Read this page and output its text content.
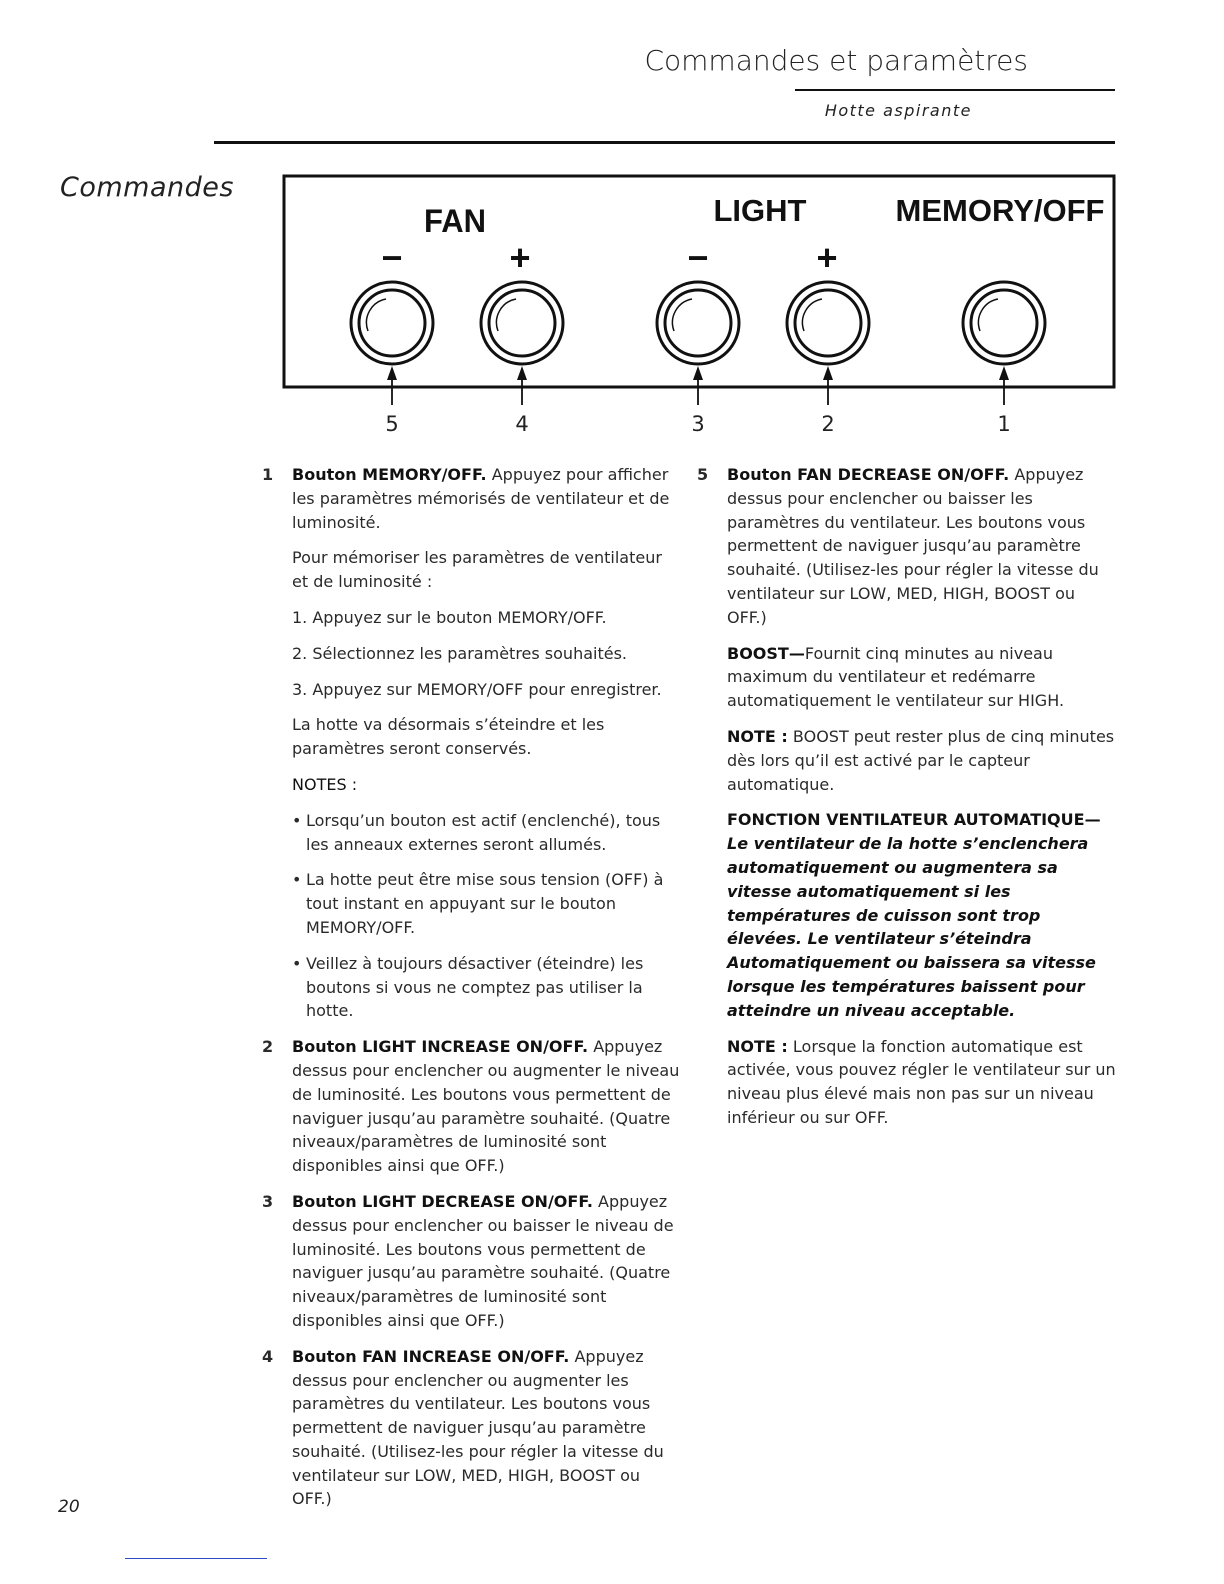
Commandes et paramètres
Hotte aspirante
Commandes
FAN	LIGHT	MEMORY/OFF
−	+	−	+
5	4	3	2	1
1 Bouton MEMORY/OFF. Appuyez pour afficher les paramètres mémorisés de ventilateur et de luminosité.

Pour mémoriser les paramètres de ventilateur et de luminosité :

1. Appuyez sur le bouton MEMORY/OFF.

2. Sélectionnez les paramètres souhaités.

3. Appuyez sur MEMORY/OFF pour enregistrer.

La hotte va désormais s’éteindre et les paramètres seront conservés.

NOTES :

• Lorsqu’un bouton est actif (enclenché), tous les anneaux externes seront allumés.
• La hotte peut être mise sous tension (OFF) à tout instant en appuyant sur le bouton MEMORY/OFF.
• Veillez à toujours désactiver (éteindre) les boutons si vous ne comptez pas utiliser la hotte.
2 Bouton LIGHT INCREASE ON/OFF. Appuyez dessus pour enclencher ou augmenter le niveau de luminosité. Les boutons vous permettent de naviguer jusqu’au paramètre souhaité. (Quatre niveaux/paramètres de luminosité sont disponibles ainsi que OFF.)

3 Bouton LIGHT DECREASE ON/OFF. Appuyez dessus pour enclencher ou baisser le niveau de luminosité. Les boutons vous permettent de naviguer jusqu’au paramètre souhaité. (Quatre niveaux/paramètres de luminosité sont disponibles ainsi que OFF.)

4 Bouton FAN INCREASE ON/OFF. Appuyez dessus pour enclencher ou augmenter les paramètres du ventilateur. Les boutons vous permettent de naviguer jusqu’au paramètre souhaité. (Utilisez-les pour régler la vitesse du ventilateur sur LOW, MED, HIGH, BOOST ou OFF.)

5 Bouton FAN DECREASE ON/OFF. Appuyez dessus pour enclencher ou baisser les paramètres du ventilateur. Les boutons vous permettent de naviguer jusqu’au paramètre souhaité. (Utilisez-les pour régler la vitesse du ventilateur sur LOW, MED, HIGH, BOOST ou OFF.)

BOOST—Fournit cinq minutes au niveau maximum du ventilateur et redémarre automatiquement le ventilateur sur HIGH.

NOTE : BOOST peut rester plus de cinq minutes dès lors qu’il est activé par le capteur automatique.

FONCTION VENTILATEUR AUTOMATIQUE—
Le ventilateur de la hotte s’enclenchera automatiquement ou augmentera sa vitesse automatiquement si les températures de cuisson sont trop élevées. Le ventilateur s’éteindra Automatiquement ou baissera sa vitesse lorsque les températures baissent pour atteindre un niveau acceptable.

NOTE : Lorsque la fonction automatique est activée, vous pouvez régler le ventilateur sur un niveau plus élevé mais non pas sur un niveau inférieur ou sur OFF.

20
